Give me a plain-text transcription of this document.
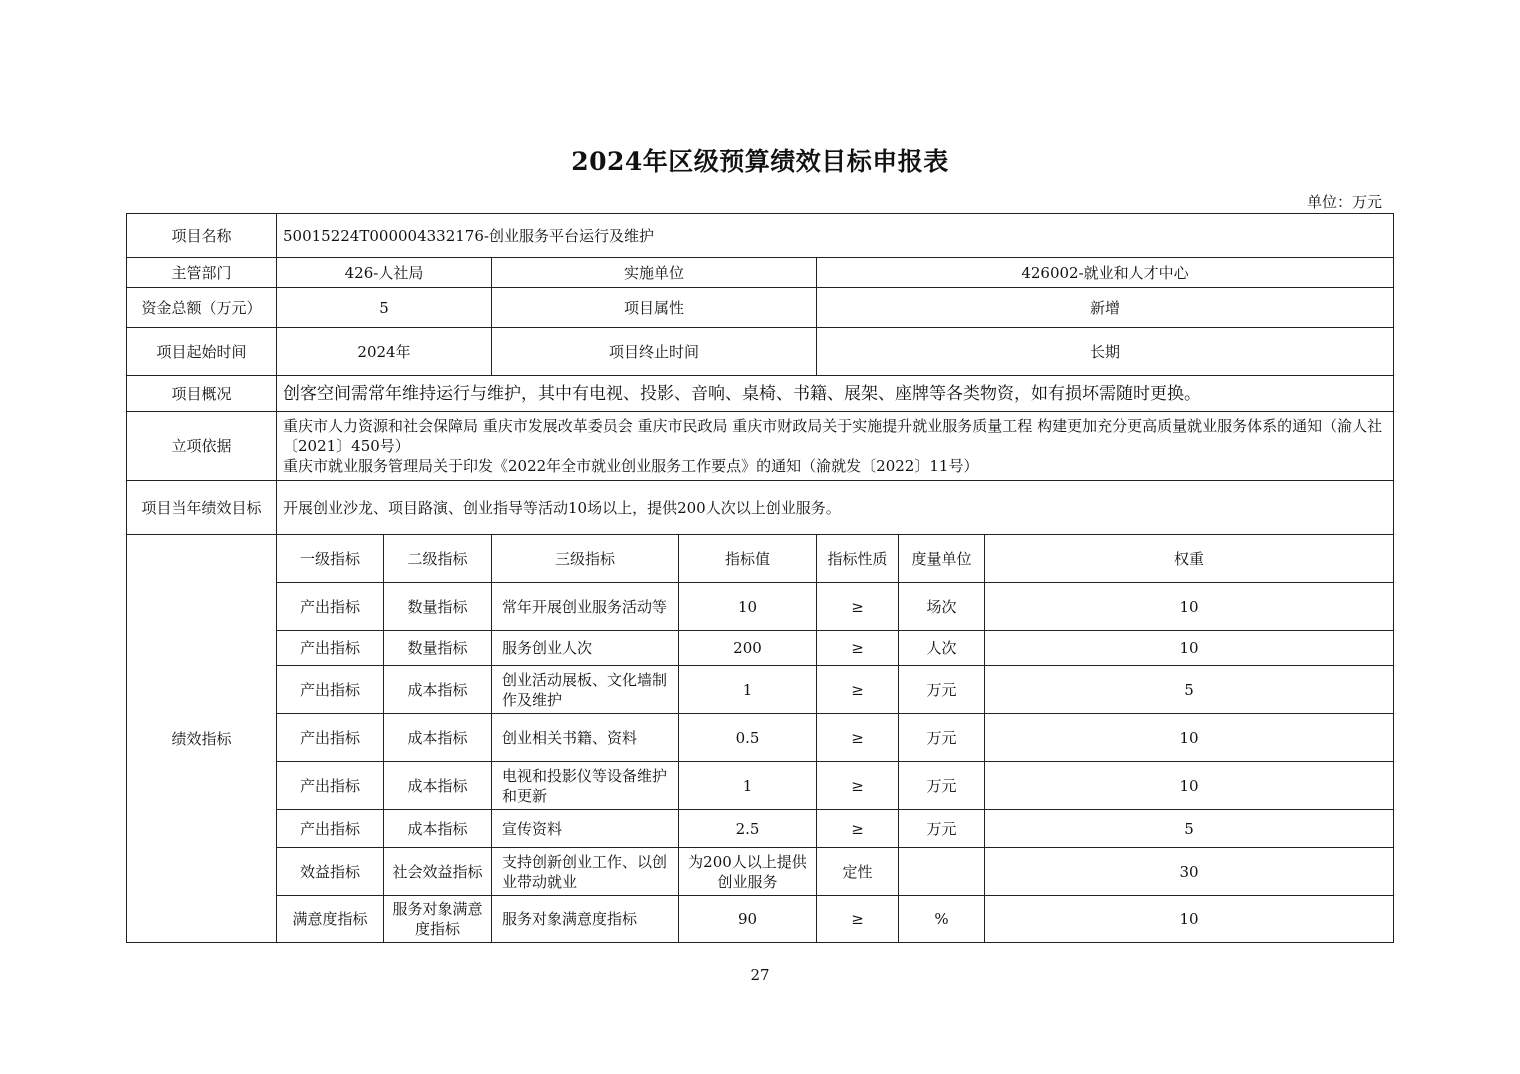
2024年区级预算绩效目标申报表
单位：万元
项目名称	50015224T000004332176-创业服务平台运行及维护						
主管部门	426-人社局		实施单位		426002-就业和人才中心		
资金总额（万元）	5		项目属性		新增		
项目起始时间	2024年		项目终止时间		长期		
项目概况	创客空间需常年维持运行与维护，其中有电视、投影、音响、桌椅、书籍、展架、座牌等各类物资，如有损坏需随时更换。						
立项依据	重庆市人力资源和社会保障局 重庆市发展改革委员会 重庆市民政局 重庆市财政局关于实施提升就业服务质量工程 构建更加充分更高质量就业服务体系的通知（渝人社〔2021〕450号）
重庆市就业服务管理局关于印发《2022年全市就业创业服务工作要点》的通知（渝就发〔2022〕11号）						

项目当年绩效目标	开展创业沙龙、项目路演、创业指导等活动10场以上，提供200人次以上创业服务。						
绩效指标	一级指标	二级指标	三级指标	指标值	指标性质	度量单位	权重
	产出指标	数量指标	常年开展创业服务活动等	10	≥	场次	10
	产出指标	数量指标	服务创业人次	200	≥	人次	10
	产出指标	成本指标	创业活动展板、文化墙制作及维护	1	≥	万元	5
	产出指标	成本指标	创业相关书籍、资料	0.5	≥	万元	10
	产出指标	成本指标	电视和投影仪等设备维护和更新	1	≥	万元	10
	产出指标	成本指标	宣传资料	2.5	≥	万元	5
	效益指标	社会效益指标	支持创新创业工作、以创业带动就业	为200人以上提供创业服务	定性		30
	满意度指标	服务对象满意度指标	服务对象满意度指标	90	≥	%	10
27
